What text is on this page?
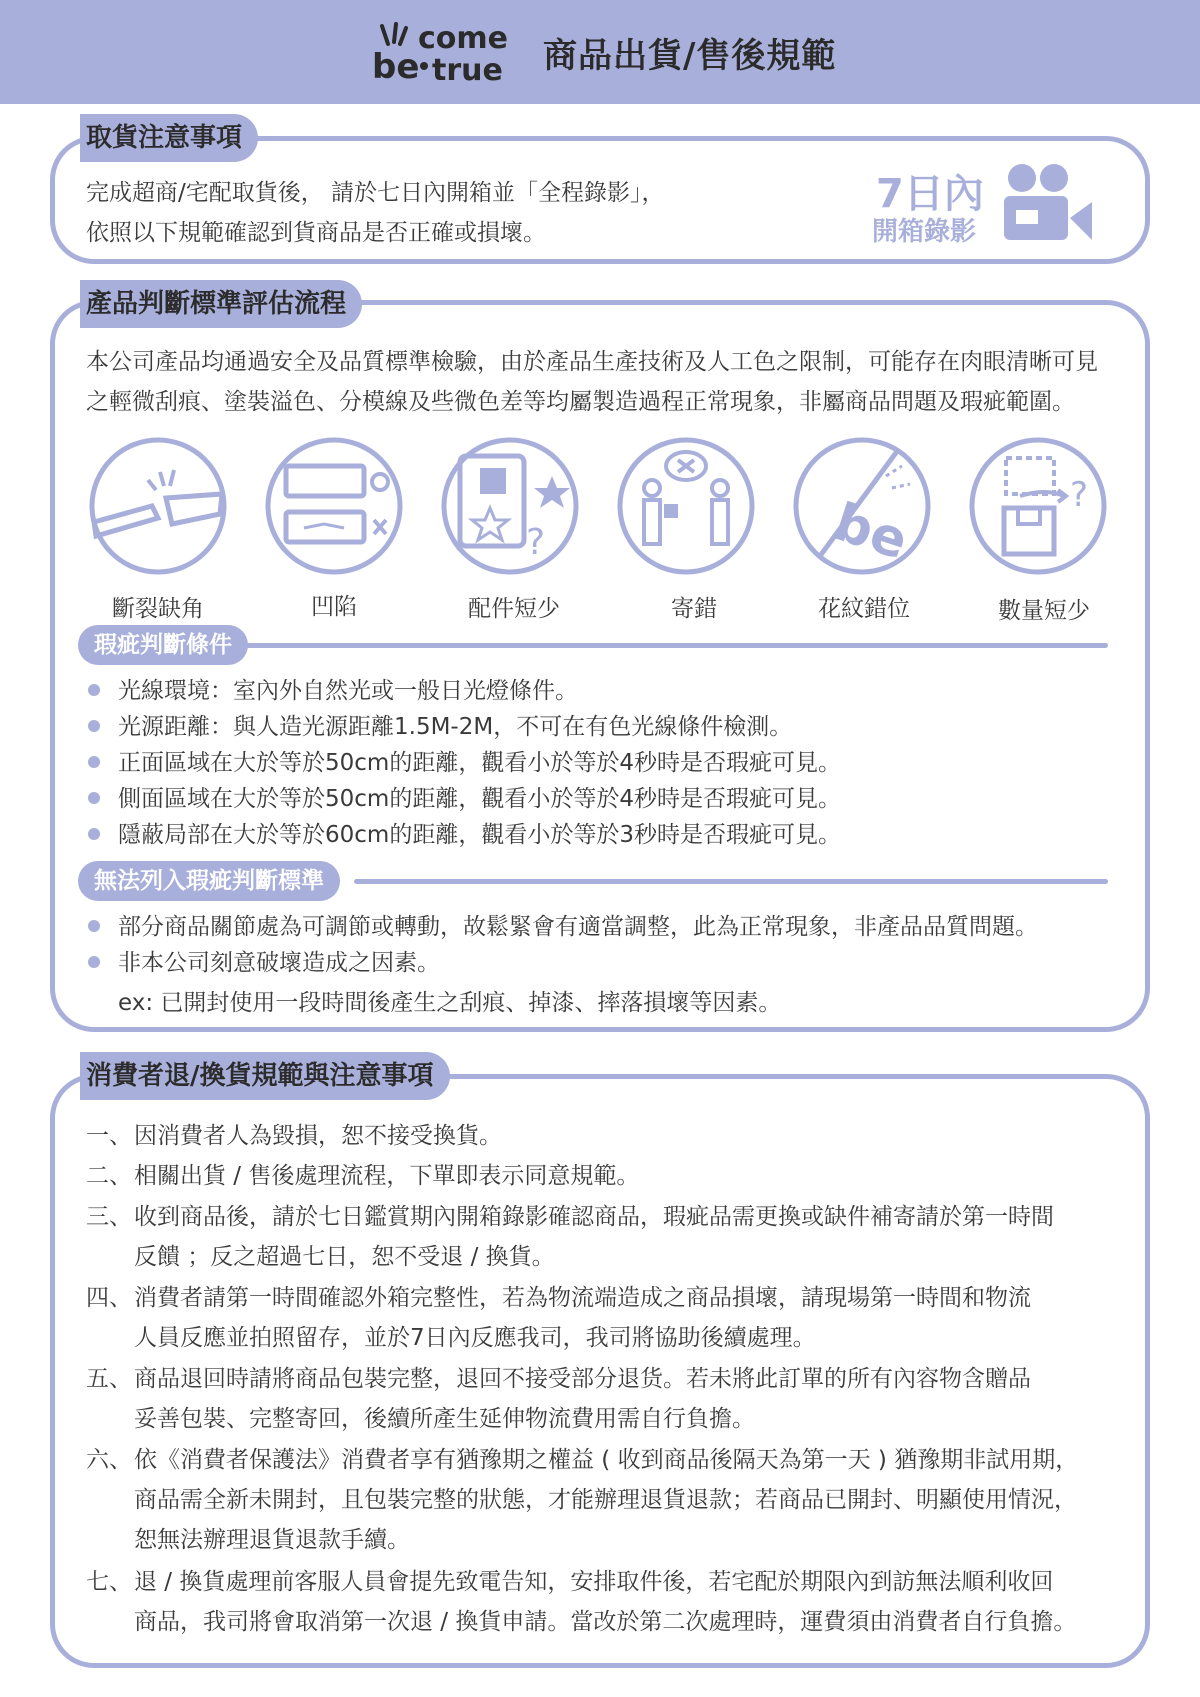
be
come
true 商品出貨/售後規範
取貨注意事項
完成超商/宅配取貨後， 請於七日內開箱並「全程錄影」，
依照以下規範確認到貨商品是否正確或損壞。
7日內
開箱錄影
產品判斷標準評估流程
本公司產品均通過安全及品質標準檢驗，由於產品生產技術及人工色之限制，可能存在肉眼清晰可見
之輕微刮痕、塗裝溢色、分模線及些微色差等均屬製造過程正常現象，非屬商品問題及瑕疵範圍。
?	be	?
斷裂缺角	凹陷	配件短少	寄錯	花紋錯位	數量短少
瑕疵判斷條件
光線環境：室內外自然光或一般日光燈條件。
光源距離：與人造光源距離1.5M-2M，不可在有色光線條件檢測。
正面區域在大於等於50cm的距離，觀看小於等於4秒時是否瑕疵可見。
側面區域在大於等於50cm的距離，觀看小於等於4秒時是否瑕疵可見。
隱蔽局部在大於等於60cm的距離，觀看小於等於3秒時是否瑕疵可見。
無法列入瑕疵判斷標準
部分商品關節處為可調節或轉動，故鬆緊會有適當調整，此為正常現象，非產品品質問題。
非本公司刻意破壞造成之因素。
ex: 已開封使用一段時間後產生之刮痕、掉漆、摔落損壞等因素。
消費者退/換貨規範與注意事項
一、因消費者人為毀損，恕不接受換貨。
二、相關出貨 / 售後處理流程，下單即表示同意規範。
三、收到商品後，請於七日鑑賞期內開箱錄影確認商品，瑕疵品需更換或缺件補寄請於第一時間
反饋 ；反之超過七日，恕不受退 / 換貨。
四、消費者請第一時間確認外箱完整性，若為物流端造成之商品損壞，請現場第一時間和物流
人員反應並拍照留存，並於7日內反應我司，我司將協助後續處理。
五、商品退回時請將商品包裝完整，退回不接受部分退货。若未將此訂單的所有內容物含贈品
妥善包裝、完整寄回，後續所產生延伸物流費用需自行負擔。
六、依《消費者保護法》消費者享有猶豫期之權益 ( 收到商品後隔天為第一天 ) 猶豫期非試用期，
商品需全新未開封，且包裝完整的狀態，才能辦理退貨退款；若商品已開封、明顯使用情況，
恕無法辦理退貨退款手續。
七、退 / 換貨處理前客服人員會提先致電告知，安排取件後，若宅配於期限內到訪無法順利收回
商品，我司將會取消第一次退 / 換貨申請。當改於第二次處理時，運費須由消費者自行負擔。
